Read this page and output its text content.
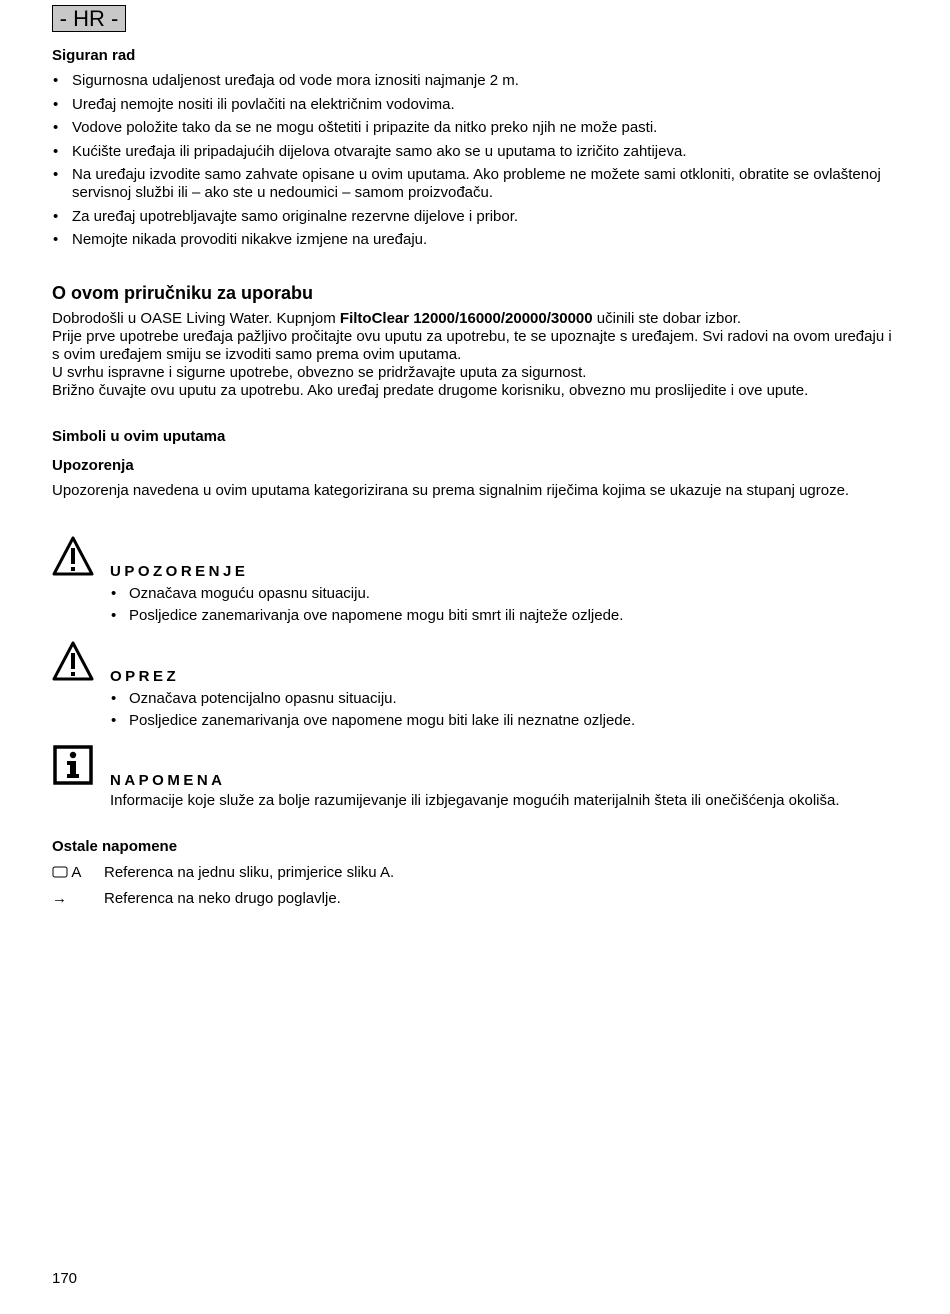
- HR -
Siguran rad
• Sigurnosna udaljenost uređaja od vode mora iznositi najmanje 2 m.
• Uređaj nemojte nositi ili povlačiti na električnim vodovima.
• Vodove položite tako da se ne mogu oštetiti i pripazite da nitko preko njih ne može pasti.
• Kućište uređaja ili pripadajućih dijelova otvarajte samo ako se u uputama to izričito zahtijeva.
• Na uređaju izvodite samo zahvate opisane u ovim uputama. Ako probleme ne možete sami otkloniti, obratite se ovlaštenoj servisnoj službi ili – ako ste u nedoumici – samom proizvođaču.
• Za uređaj upotrebljavajte samo originalne rezervne dijelove i pribor.
• Nemojte nikada provoditi nikakve izmjene na uređaju.
O ovom priručniku za uporabu

Dobrodošli u OASE Living Water. Kupnjom FiltoClear 12000/16000/20000/30000 učinili ste dobar izbor.

Prije prve upotrebe uređaja pažljivo pročitajte ovu uputu za upotrebu, te se upoznajte s uređajem. Svi radovi na ovom uređaju i s ovim uređajem smiju se izvoditi samo prema ovim uputama.

U svrhu ispravne i sigurne upotrebe, obvezno se pridržavajte uputa za sigurnost.

Brižno čuvajte ovu uputu za upotrebu. Ako uređaj predate drugome korisniku, obvezno mu proslijedite i ove upute.

Simboli u ovim uputama
Upozorenja
Upozorenja navedena u ovim uputama kategorizirana su prema signalnim riječima kojima se ukazuje na stupanj ugroze.
UPOZORENJE
• Označava moguću opasnu situaciju.
• Posljedice zanemarivanja ove napomene mogu biti smrt ili najteže ozljede.
OPREZ
• Označava potencijalno opasnu situaciju.
• Posljedice zanemarivanja ove napomene mogu biti lake ili neznatne ozljede.
NAPOMENA
Informacije koje služe za bolje razumijevanje ili izbjegavanje mogućih materijalnih šteta ili onečišćenja okoliša.
Ostale napomene
A	Referenca na jednu sliku, primjerice sliku A.
→	Referenca na neko drugo poglavlje.
170
